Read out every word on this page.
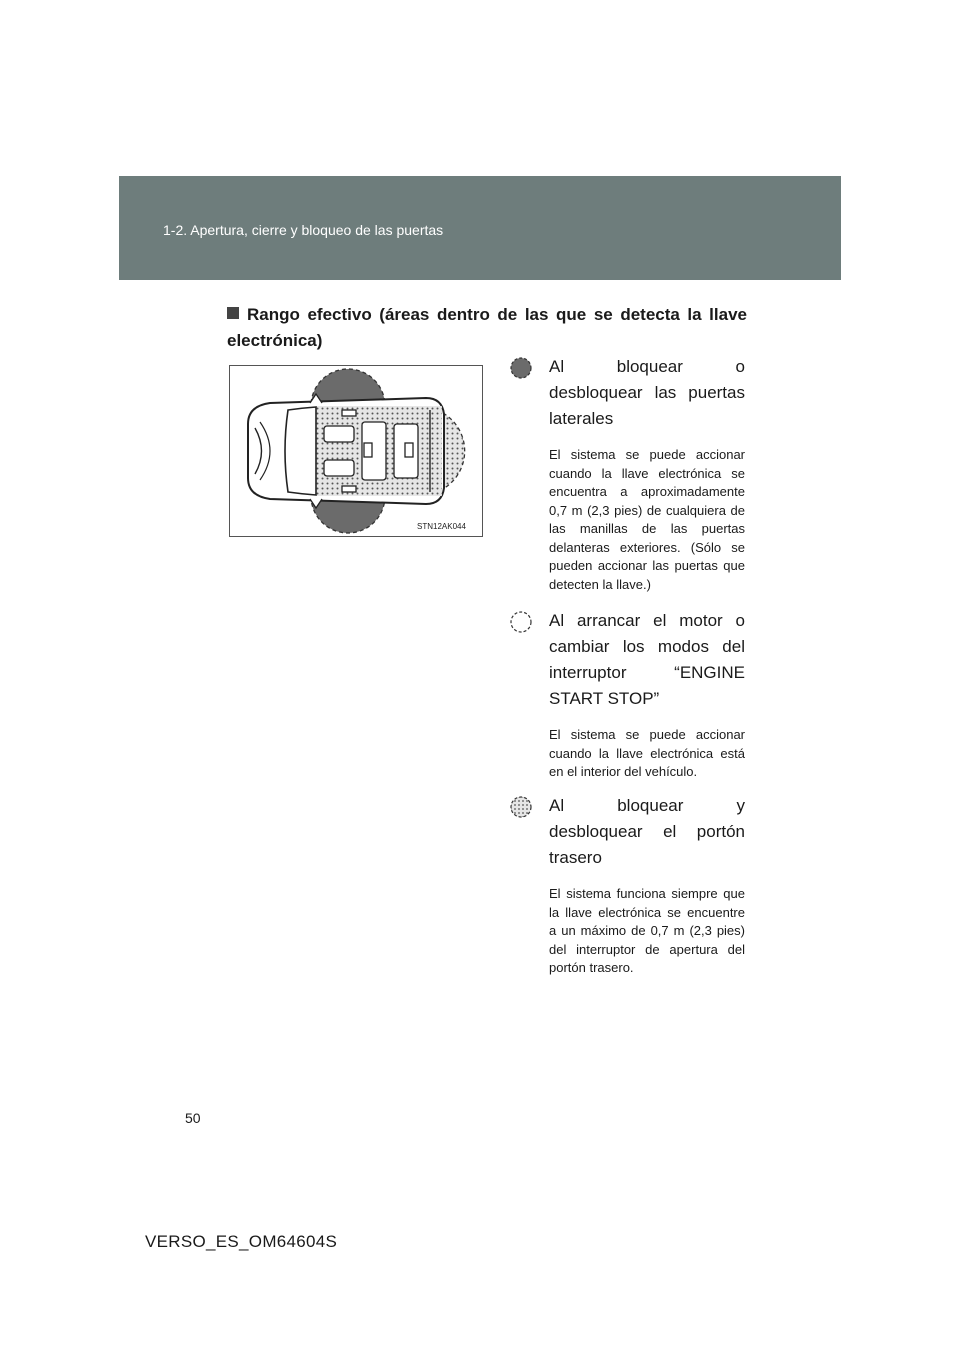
1-2. Apertura, cierre y bloqueo de las puertas
Rango efectivo (áreas dentro de las que se detecta la llave electrónica)
STN12AK044
Al bloquear o desbloquear las puertas laterales
El sistema se puede accionar cuando la llave electrónica se encuentra a aproximadamente 0,7 m (2,3 pies) de cualquiera de las manillas de las puertas delanteras exteriores. (Sólo se pueden accionar las puertas que detecten la llave.)
Al arrancar el motor o cambiar los modos del interruptor “ENGINE START STOP”
El sistema se puede accionar cuando la llave electrónica está en el interior del vehículo.
Al bloquear y desbloquear el portón trasero
El sistema funciona siempre que la llave electrónica se encuentre a un máximo de 0,7 m (2,3 pies) del interruptor de apertura del portón trasero.
50
VERSO_ES_OM64604S
